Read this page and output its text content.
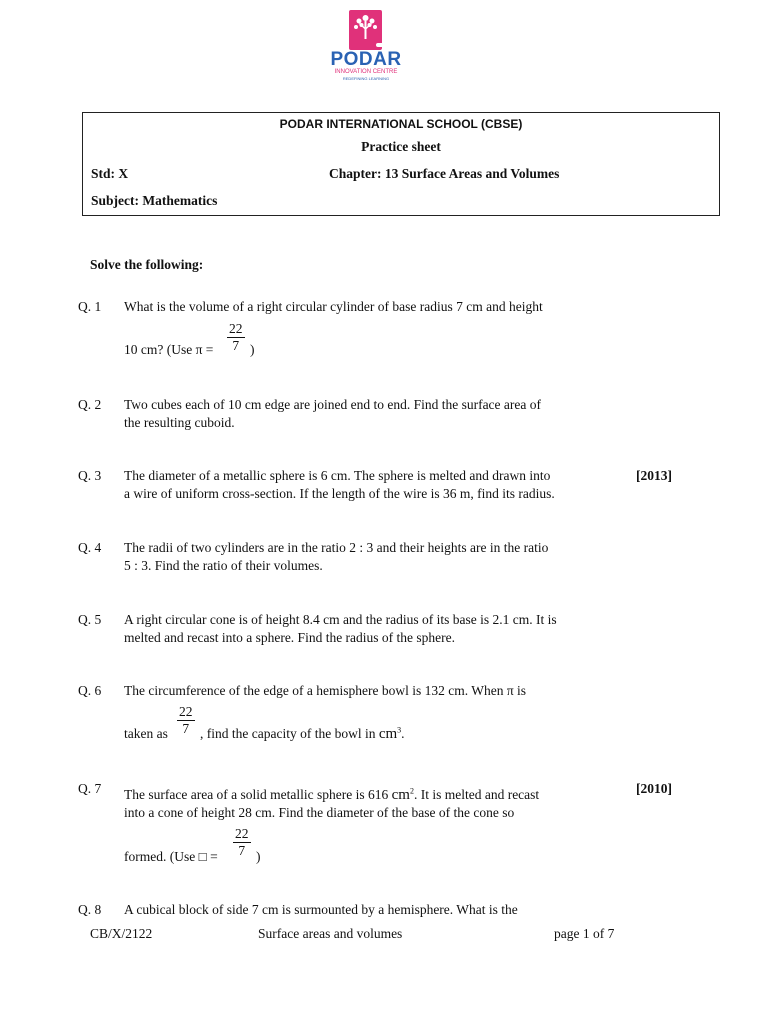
PODAR
INNOVATION CENTRE
REDEFINING LEARNING
PODAR INTERNATIONAL SCHOOL (CBSE)
Practice sheet
Std: X	Chapter: 13 Surface Areas and Volumes
Subject: Mathematics
Solve the following:
Q. 1 What is the volume of a right circular cylinder of base radius 7 cm and height
10 cm? (Use π =
22
7 )
Q. 2 Two cubes each of 10 cm edge are joined end to end. Find the surface area of
the resulting cuboid.
Q. 3 The diameter of a metallic sphere is 6 cm. The sphere is melted and drawn into
a wire of uniform cross-section. If the length of the wire is 36 m, find its radius.
[2013]
Q. 4 The radii of two cylinders are in the ratio 2 : 3 and their heights are in the ratio
5 : 3. Find the ratio of their volumes.
Q. 5 A right circular cone is of height 8.4 cm and the radius of its base is 2.1 cm. It is
melted and recast into a sphere. Find the radius of the sphere.
Q. 6 The circumference of the edge of a hemisphere bowl is 132 cm. When π is
taken as
22
7 , find the capacity of the bowl in $cm^3$.
Q. 7 The surface area of a solid metallic sphere is 616 $cm^2$. It is melted and recast
into a cone of height 28 cm. Find the diameter of the base of the cone so
formed. (Use □ =
22
7 )
[2010]
Q. 8 A cubical block of side 7 cm is surmounted by a hemisphere. What is the
CB/X/2122	Surface areas and volumes	page 1 of 7
